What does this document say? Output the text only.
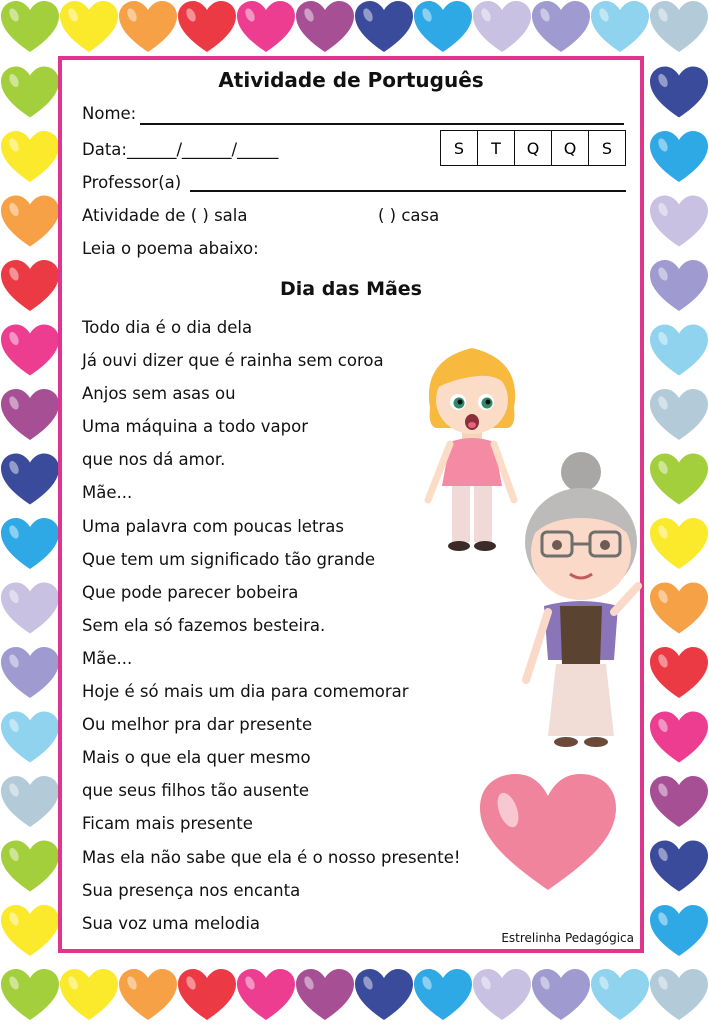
Atividade de Português
Nome:
Data:______/______/_____	S	T	Q	Q	S
Professor(a)
Atividade de ( ) sala	( ) casa
Leia o poema abaixo:
Dia das Mães
Todo dia é o dia dela
Já ouvi dizer que é rainha sem coroa
Anjos sem asas ou
Uma máquina a todo vapor
que nos dá amor.
Mãe...
Uma palavra com poucas letras
Que tem um significado tão grande
Que pode parecer bobeira
Sem ela só fazemos besteira.
Mãe...
Hoje é só mais um dia para comemorar
Ou melhor pra dar presente
Mais o que ela quer mesmo
que seus filhos tão ausente
Ficam mais presente
Mas ela não sabe que ela é o nosso presente!
Sua presença nos encanta
Sua voz uma melodia
Estrelinha Pedagógica
